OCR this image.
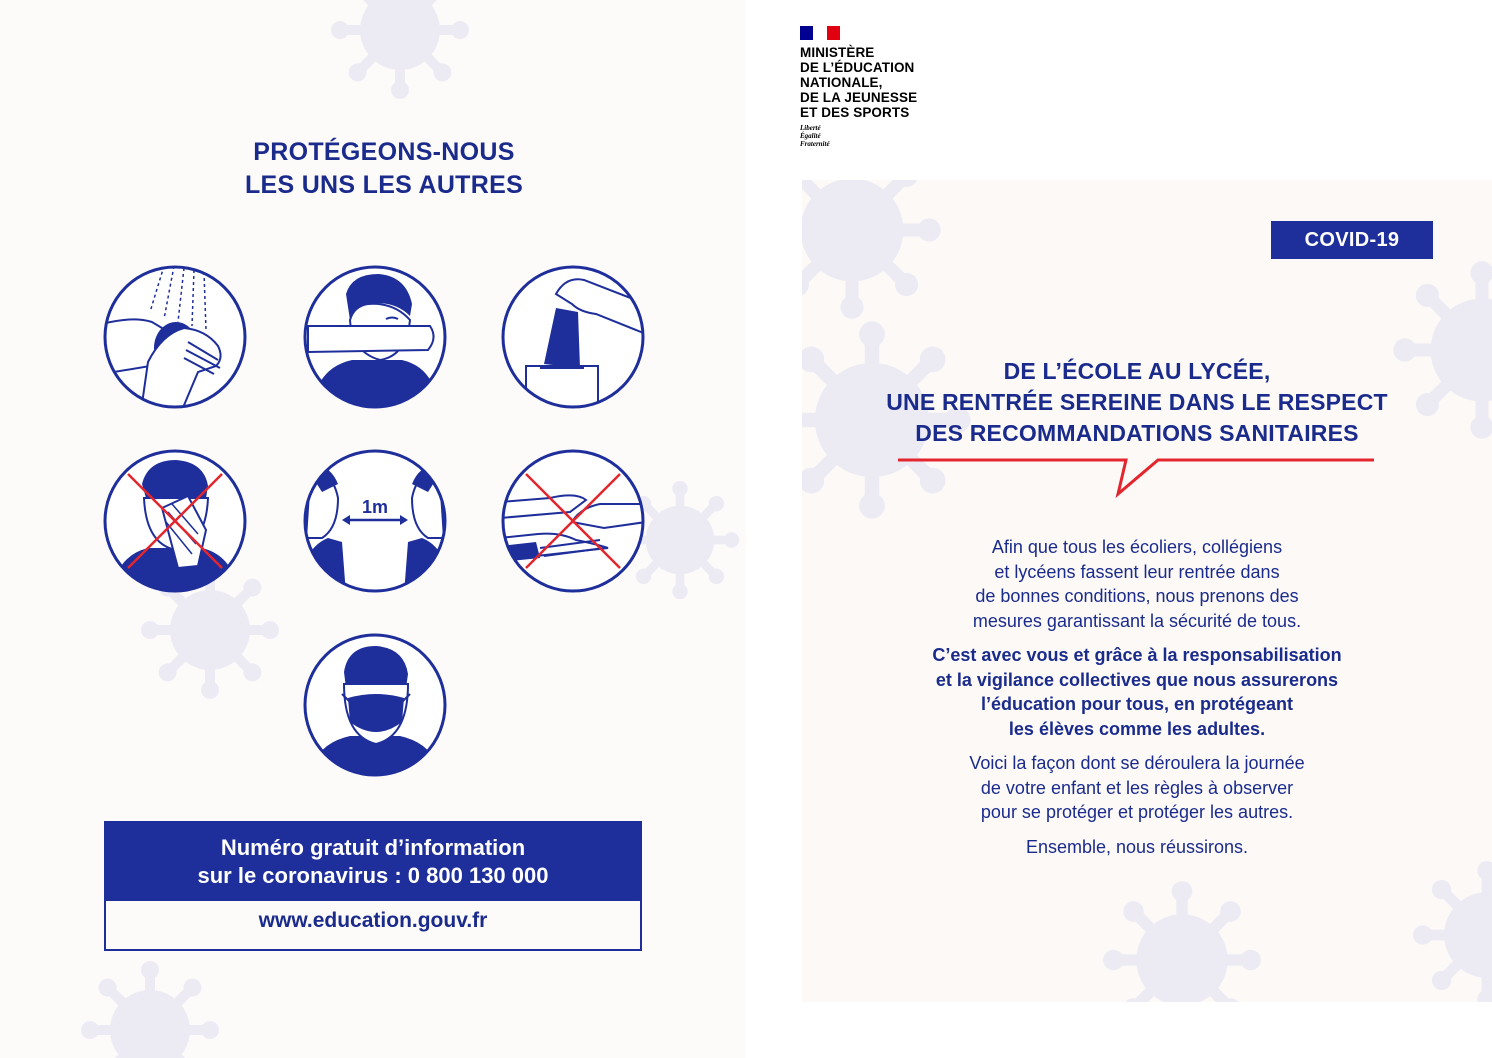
PROTÉGEONS-NOUS
LES UNS LES AUTRES
1m
Numéro gratuit d’information
sur le coronavirus : 0 800 130 000
www.education.gouv.fr
MINISTÈRE
DE L’ÉDUCATION
NATIONALE,
DE LA JEUNESSE
ET DES SPORTS
Liberté
Égalité
Fraternité
COVID-19
DE L’ÉCOLE AU LYCÉE,
UNE RENTRÉE SEREINE DANS LE RESPECT
DES RECOMMANDATIONS SANITAIRES

Afin que tous les écoliers, collégiens
et lycéens fassent leur rentrée dans
de bonnes conditions, nous prenons des
mesures garantissant la sécurité de tous.

C’est avec vous et grâce à la responsabilisation
et la vigilance collectives que nous assurerons
l’éducation pour tous, en protégeant
les élèves comme les adultes.

Voici la façon dont se déroulera la journée
de votre enfant et les règles à observer
pour se protéger et protéger les autres.

Ensemble, nous réussirons.
